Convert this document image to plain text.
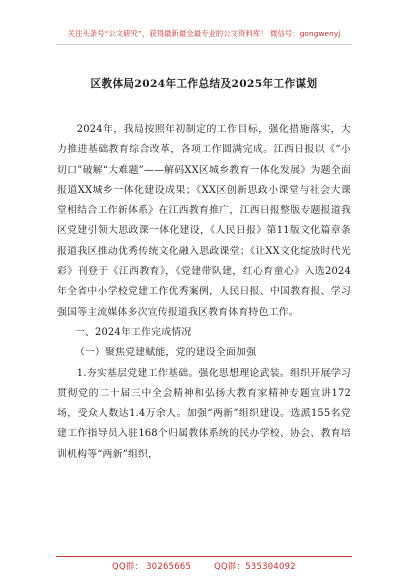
关注头条号“公文研究”，获得最新最全最专业的公文资料库！ 微信号：gongwenyj
区教体局2024年工作总结及2025年工作谋划

2024年，我局按照年初制定的工作目标，强化措施落实，大力推进基础教育综合改革，各项工作圆满完成。江西日报以《“小切口”破解“大难题”——解码XX区城乡教育一体化发展》为题全面报道XX城乡一体化建设成果；《XX区创新思政小课堂与社会大课堂相结合工作新体系》在江西教育推广，江西日报整版专题报道我区党建引领大思政课一体化建设，《人民日报》第11版文化篇章条报道我区推动优秀传统文化融入思政课堂；《让XX文化绽放时代光彩》刊登于《江西教育》，《党建带队建，红心育童心》入选2024年全省中小学校党建工作优秀案例，人民日报、中国教育报、学习强国等主流媒体多次宣传报道我区教育体育特色工作。

一、2024年工作完成情况

（一）聚焦党建赋能，党的建设全面加强

1.夯实基层党建工作基础。强化思想理论武装。组织开展学习贯彻党的二十届三中全会精神和弘扬大教育家精神专题宣讲172场，受众人数达1.4万余人。加强“两新”组织建设。选派155名党建工作指导员入驻168个归属教体系统的民办学校、协会、教育培训机构等“两新”组织，

QQ群： 30265665	QQ群：535304092
